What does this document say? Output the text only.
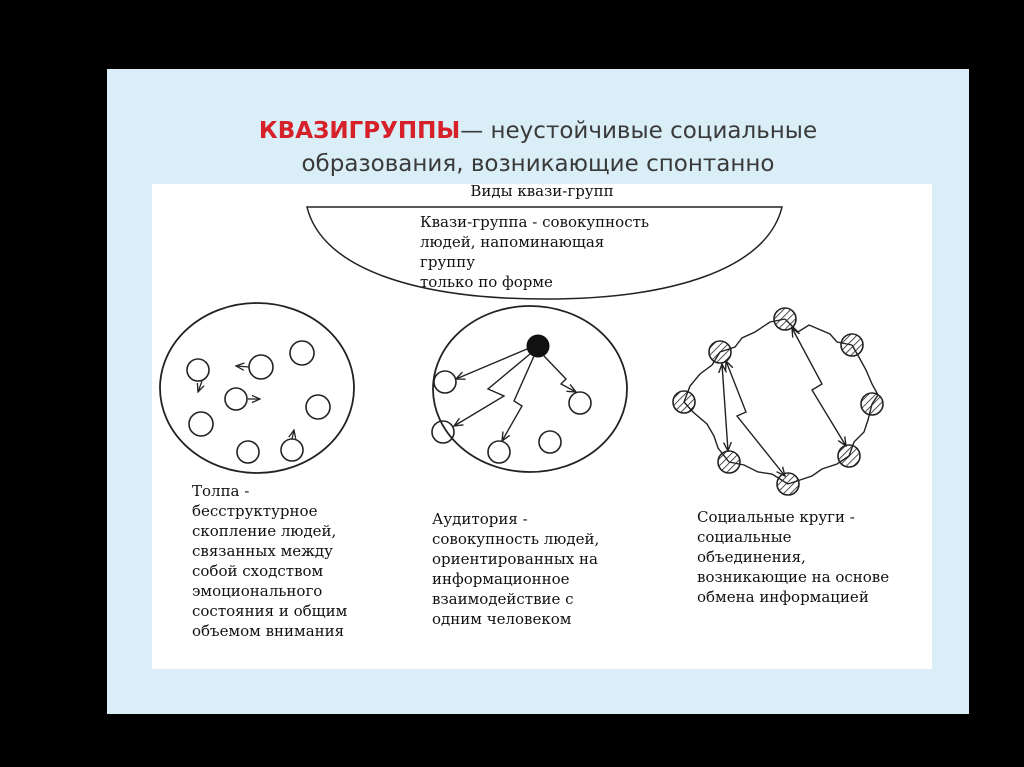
КВАЗИГРУППЫ— неустойчивые социальные
образования, возникающие спонтанно

Виды квази-групп

Квази-группа - совокупность
людей, напоминающая группу
только по форме

Толпа -
бесструктурное
скопление людей,
связанных между
собой сходством
эмоционального
состояния и общим
объемом внимания

Аудитория -
совокупность людей,
ориентированных на
информационное
взаимодействие с
одним человеком

Социальные круги -
социальные
объединения,
возникающие на основе
обмена информацией
